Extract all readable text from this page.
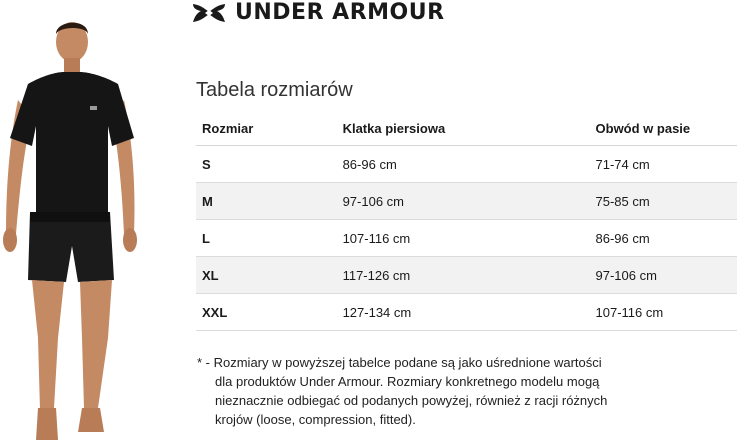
UNDER ARMOUR
Tabela rozmiarów
Rozmiar	Klatka piersiowa	Obwód w pasie
S	86-96 cm	71-74 cm
M	97-106 cm	75-85 cm
L	107-116 cm	86-96 cm
XL	117-126 cm	97-106 cm
XXL	127-134 cm	107-116 cm
* - Rozmiary w powyższej tabelce podane są jako uśrednione wartości
dla produktów Under Armour. Rozmiary konkretnego modelu mogą
nieznacznie odbiegać od podanych powyżej, również z racji różnych
krojów (loose, compression, fitted).
